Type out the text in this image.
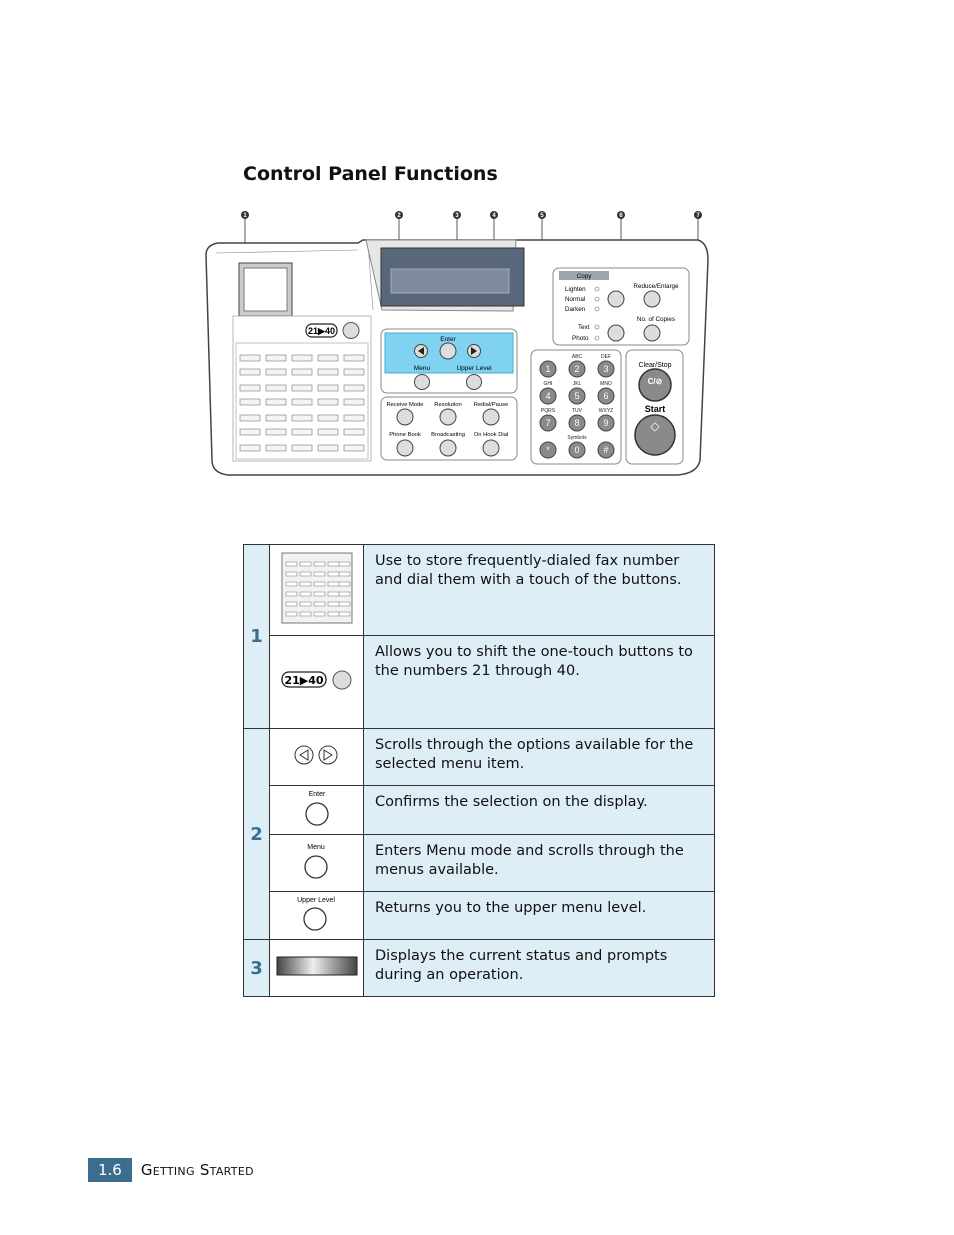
Control Panel Functions
1	2	3	4	5	6	7
21▶40
Enter
Menu	Upper Level
Receive Mode Resolution Redial/Pause
Phone Book Broadcasting On Hook Dial
Copy
Lighten
Normal
Darken
Text
Photo
Reduce/Enlarge
No. of Copies
ABC	DEF
GHI	JKL	MNO
PQRS	TUV	WXYZ
Symbols
1	2	3
4	5	6
7	8	9
*	0	#
Clear/Stop
C/⊘
Start
◇
1		Use to store frequently-dialed fax number and dial them with a touch of the buttons.

21▶40	Allows you to shift the one-touch buttons to the numbers 21 through 40.
2		Scrolls through the options available for the selected menu item.

Enter	Confirms the selection on the display.

Menu	Enters Menu mode and scrolls through the menus available.

Upper Level	Returns you to the upper menu level.
3		Displays the current status and prompts during an operation.
1.6	Getting Started
